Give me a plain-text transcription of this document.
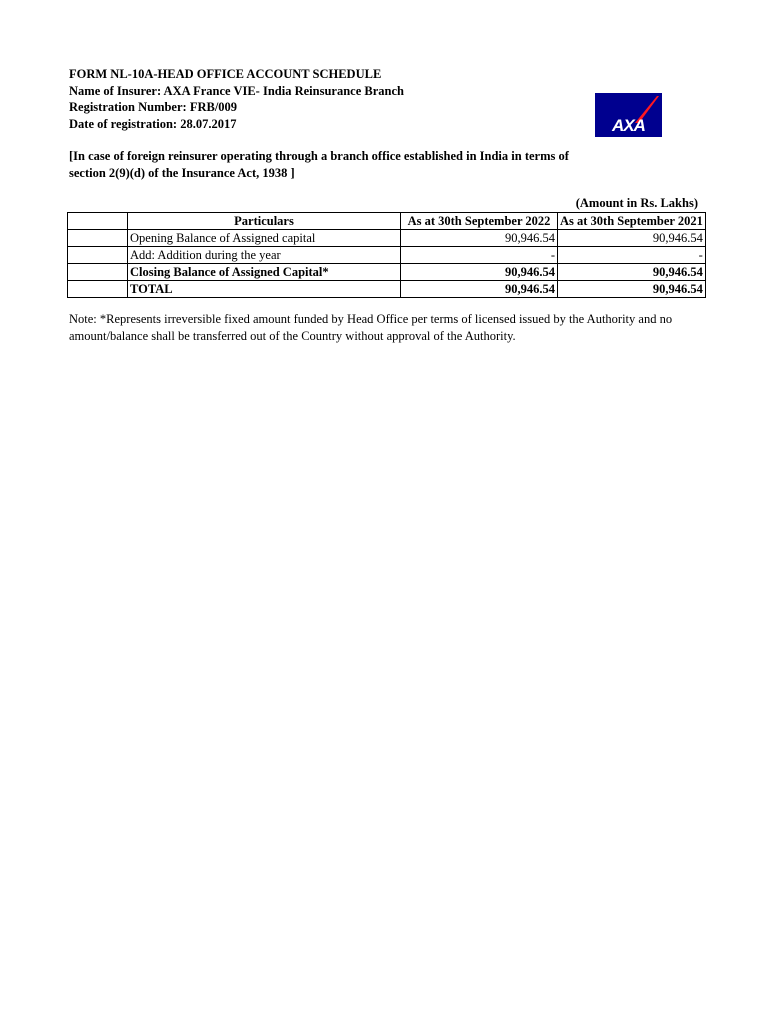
FORM NL-10A-HEAD OFFICE ACCOUNT SCHEDULE
Name of Insurer: AXA France VIE- India Reinsurance Branch
Registration Number: FRB/009
Date of registration: 28.07.2017	AXA
[In case of foreign reinsurer operating through a branch office established in India in terms of section 2(9)(d) of the Insurance Act, 1938 ]
(Amount in Rs. Lakhs)
	Particulars	As at 30th September 2022	As at 30th September 2021
	Opening Balance of Assigned capital	90,946.54	90,946.54
	Add: Addition during the year	-	-
	Closing Balance of Assigned Capital*	90,946.54	90,946.54
	TOTAL	90,946.54	90,946.54
Note: *Represents irreversible fixed amount funded by Head Office per terms of licensed issued by the Authority and no amount/balance shall be transferred out of the Country without approval of the Authority.
